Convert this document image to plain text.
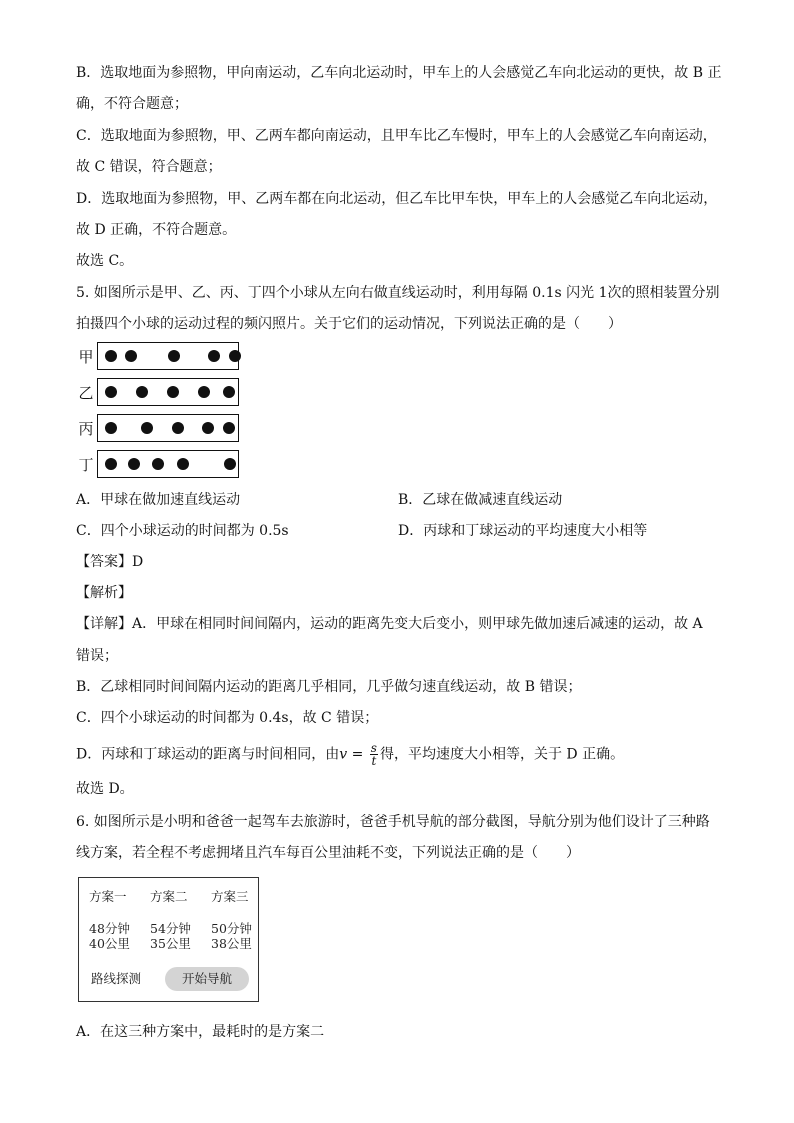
B．选取地面为参照物，甲向南运动，乙车向北运动时，甲车上的人会感觉乙车向北运动的更快，故 B 正
确，不符合题意；
C．选取地面为参照物，甲、乙两车都向南运动，且甲车比乙车慢时，甲车上的人会感觉乙车向南运动，
故 C 错误，符合题意；
D．选取地面为参照物，甲、乙两车都在向北运动，但乙车比甲车快，甲车上的人会感觉乙车向北运动，
故 D 正确，不符合题意。
故选 C。
5. 如图所示是甲、乙、丙、丁四个小球从左向右做直线运动时，利用每隔 0.1s 闪光 1次的照相装置分别
拍摄四个小球的运动过程的频闪照片。关于它们的运动情况，下列说法正确的是（　　）
甲
乙
丙
丁
A．甲球在做加速直线运动	B．乙球在做减速直线运动
C．四个小球运动的时间都为 0.5s	D．丙球和丁球运动的平均速度大小相等
【答案】D
【解析】
【详解】A．甲球在相同时间间隔内，运动的距离先变大后变小，则甲球先做加速后减速的运动，故 A
错误；
B．乙球相同时间间隔内运动的距离几乎相同，几乎做匀速直线运动，故 B 错误；
C．四个小球运动的时间都为 0.4s，故 C 错误；
D．丙球和丁球运动的距离与时间相同，由$v = \frac{s}{t}$ 得，平均速度大小相等，关于 D 正确。
故选 D。
6. 如图所示是小明和爸爸一起驾车去旅游时，爸爸手机导航的部分截图，导航分别为他们设计了三种路
线方案，若全程不考虑拥堵且汽车每百公里油耗不变，下列说法正确的是（　　）
方案一 方案二 方案三
48分钟 54分钟 50分钟
40公里 35公里 38公里
路线探测	开始导航
A．在这三种方案中，最耗时的是方案二
